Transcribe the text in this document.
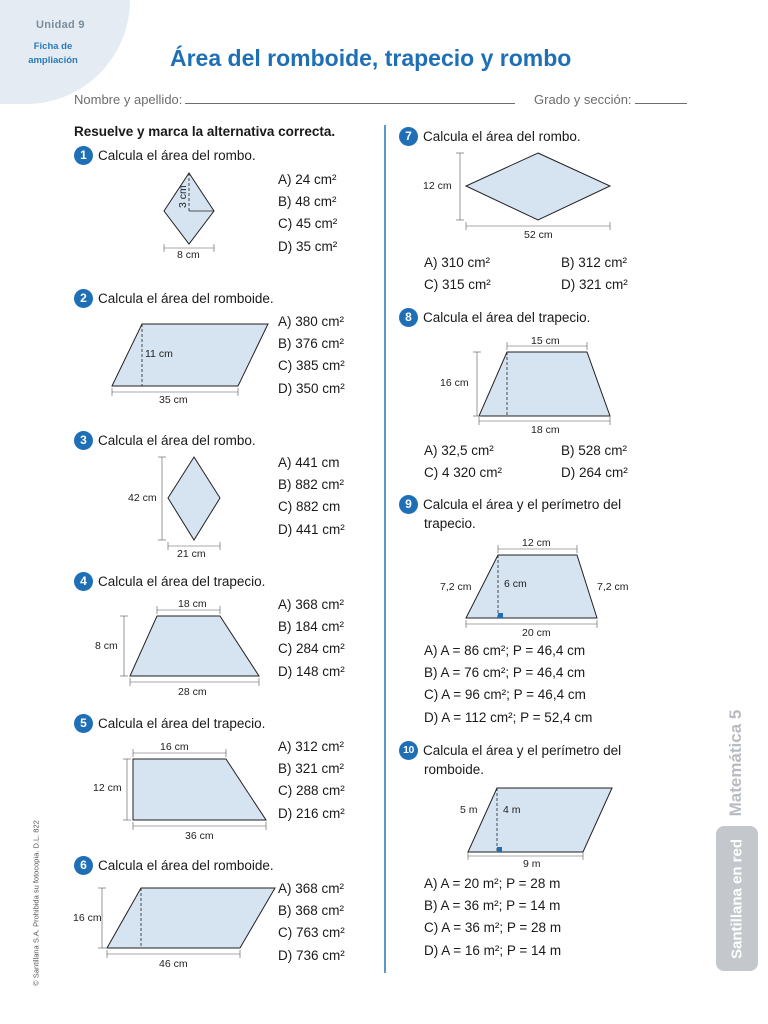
Unidad 9
Ficha de
ampliación	Área del romboide, trapecio y rombo
Nombre y apellido:	Grado y sección:
Resuelve y marca la alternativa correcta.
1 Calcula el área del rombo.
3 cm
8 cm
A) 24 cm²
B) 48 cm²
C) 45 cm²
D) 35 cm²
2 Calcula el área del romboide.
11 cm
35 cm
A) 380 cm²
B) 376 cm²
C) 385 cm²
D) 350 cm²
3 Calcula el área del rombo.
42 cm
21 cm
A) 441 cm
B) 882 cm²
C) 882 cm
D) 441 cm²
4 Calcula el área del trapecio.
18 cm
8 cm
28 cm
A) 368 cm²
B) 184 cm²
C) 284 cm²
D) 148 cm²
5 Calcula el área del trapecio.
16 cm
12 cm
36 cm
A) 312 cm²
B) 321 cm²
C) 288 cm²
D) 216 cm²
6 Calcula el área del romboide.
16 cm
46 cm
A) 368 cm²
B) 368 cm²
C) 763 cm²
D) 736 cm²
7 Calcula el área del rombo.
12 cm
52 cm
A) 310 cm²	B) 312 cm²
C) 315 cm²	D) 321 cm²
8 Calcula el área del trapecio.
15 cm
16 cm
18 cm
A) 32,5 cm²	B) 528 cm²
C) 4 320 cm²	D) 264 cm²
9 Calcula el área y el perímetro del
trapecio.
12 cm
7,2 cm	6 cm	7,2 cm
20 cm
A) A = 86 cm²; P = 46,4 cm
B) A = 76 cm²; P = 46,4 cm
C) A = 96 cm²; P = 46,4 cm
D) A = 112 cm²; P = 52,4 cm
10 Calcula el área y el perímetro del
romboide.
5 m 4 m
9 m
A) A = 20 m²; P = 28 m
B) A = 36 m²; P = 14 m
C) A = 36 m²; P = 28 m
D) A = 16 m²; P = 14 m
Matemática 5
Santillana en red
© Santillana S.A. Prohibida su fotocopia. D.L. 822
